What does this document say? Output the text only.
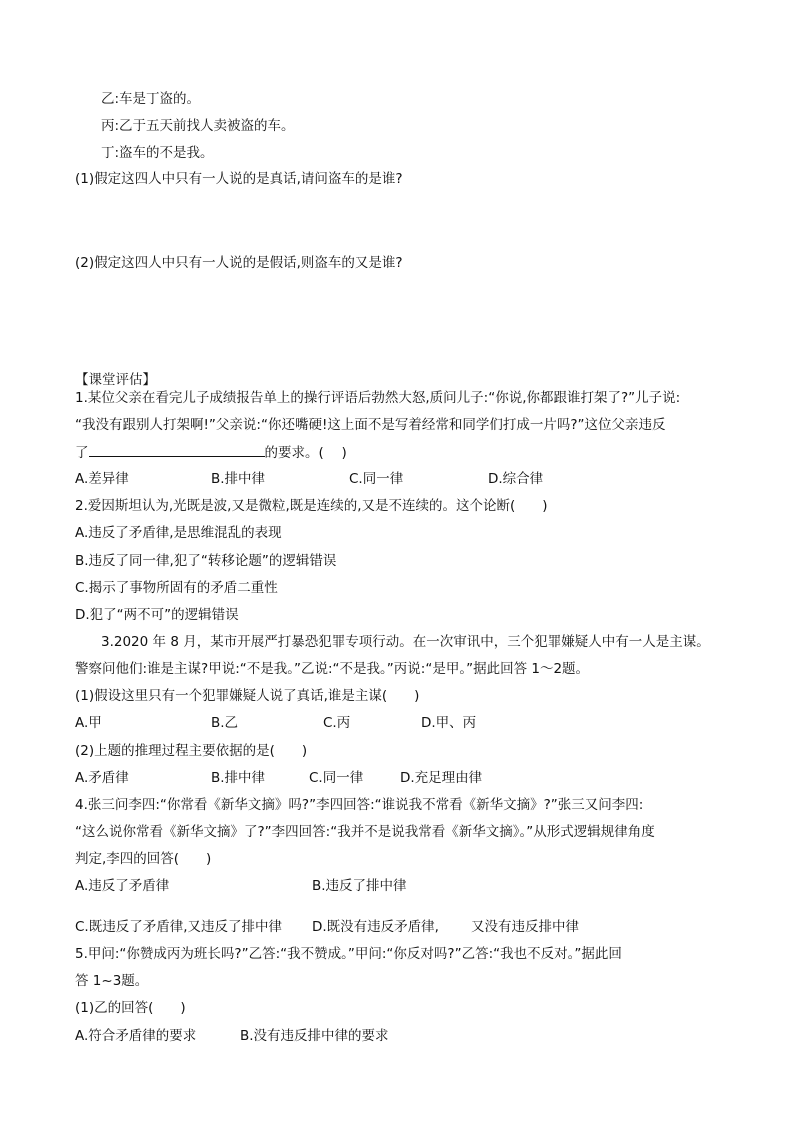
乙:车是丁盗的。
丙:乙于五天前找人卖被盗的车。
丁:盗车的不是我。
(1)假定这四人中只有一人说的是真话,请问盗车的是谁?
(2)假定这四人中只有一人说的是假话,则盗车的又是谁?
【课堂评估】
1.某位父亲在看完儿子成绩报告单上的操行评语后勃然大怒,质问儿子:“你说,你都跟谁打架了?”儿子说:
“我没有跟别人打架啊!”父亲说:“你还嘴硬!这上面不是写着经常和同学们打成一片吗?”这位父亲违反
了	的要求。(　 )
A.差异律	B.排中律	C.同一律	D.综合律
2.爱因斯坦认为,光既是波,又是微粒,既是连续的,又是不连续的。这个论断(　　)
A.违反了矛盾律,是思维混乱的表现
B.违反了同一律,犯了“转移论题”的逻辑错误
C.揭示了事物所固有的矛盾二重性
D.犯了“两不可”的逻辑错误
3.2020 年 8 月，某市开展严打暴恐犯罪专项行动。在一次审讯中，三个犯罪嫌疑人中有一人是主谋。
警察问他们:谁是主谋?甲说:“不是我。”乙说:“不是我。”丙说:“是甲。”据此回答 1～2题。
(1)假设这里只有一个犯罪嫌疑人说了真话,谁是主谋(　　)
A.甲	B.乙	C.丙	D.甲、丙
(2)上题的推理过程主要依据的是(　　)
A.矛盾律	B.排中律	C.同一律	D.充足理由律
4.张三问李四:“你常看《新华文摘》吗?”李四回答:“谁说我不常看《新华文摘》?”张三又问李四:
“这么说你常看《新华文摘》了?”李四回答:“我并不是说我常看《新华文摘》。”从形式逻辑规律角度
判定,李四的回答(　　)
A.违反了矛盾律	B.违反了排中律
C.既违反了矛盾律,又违反了排中律 D.既没有违反矛盾律, 又没有违反排中律
5.甲问:“你赞成丙为班长吗?”乙答:“我不赞成。”甲问:“你反对吗?”乙答:“我也不反对。”据此回
答 1~3题。
(1)乙的回答(　　)
A.符合矛盾律的要求	B.没有违反排中律的要求
